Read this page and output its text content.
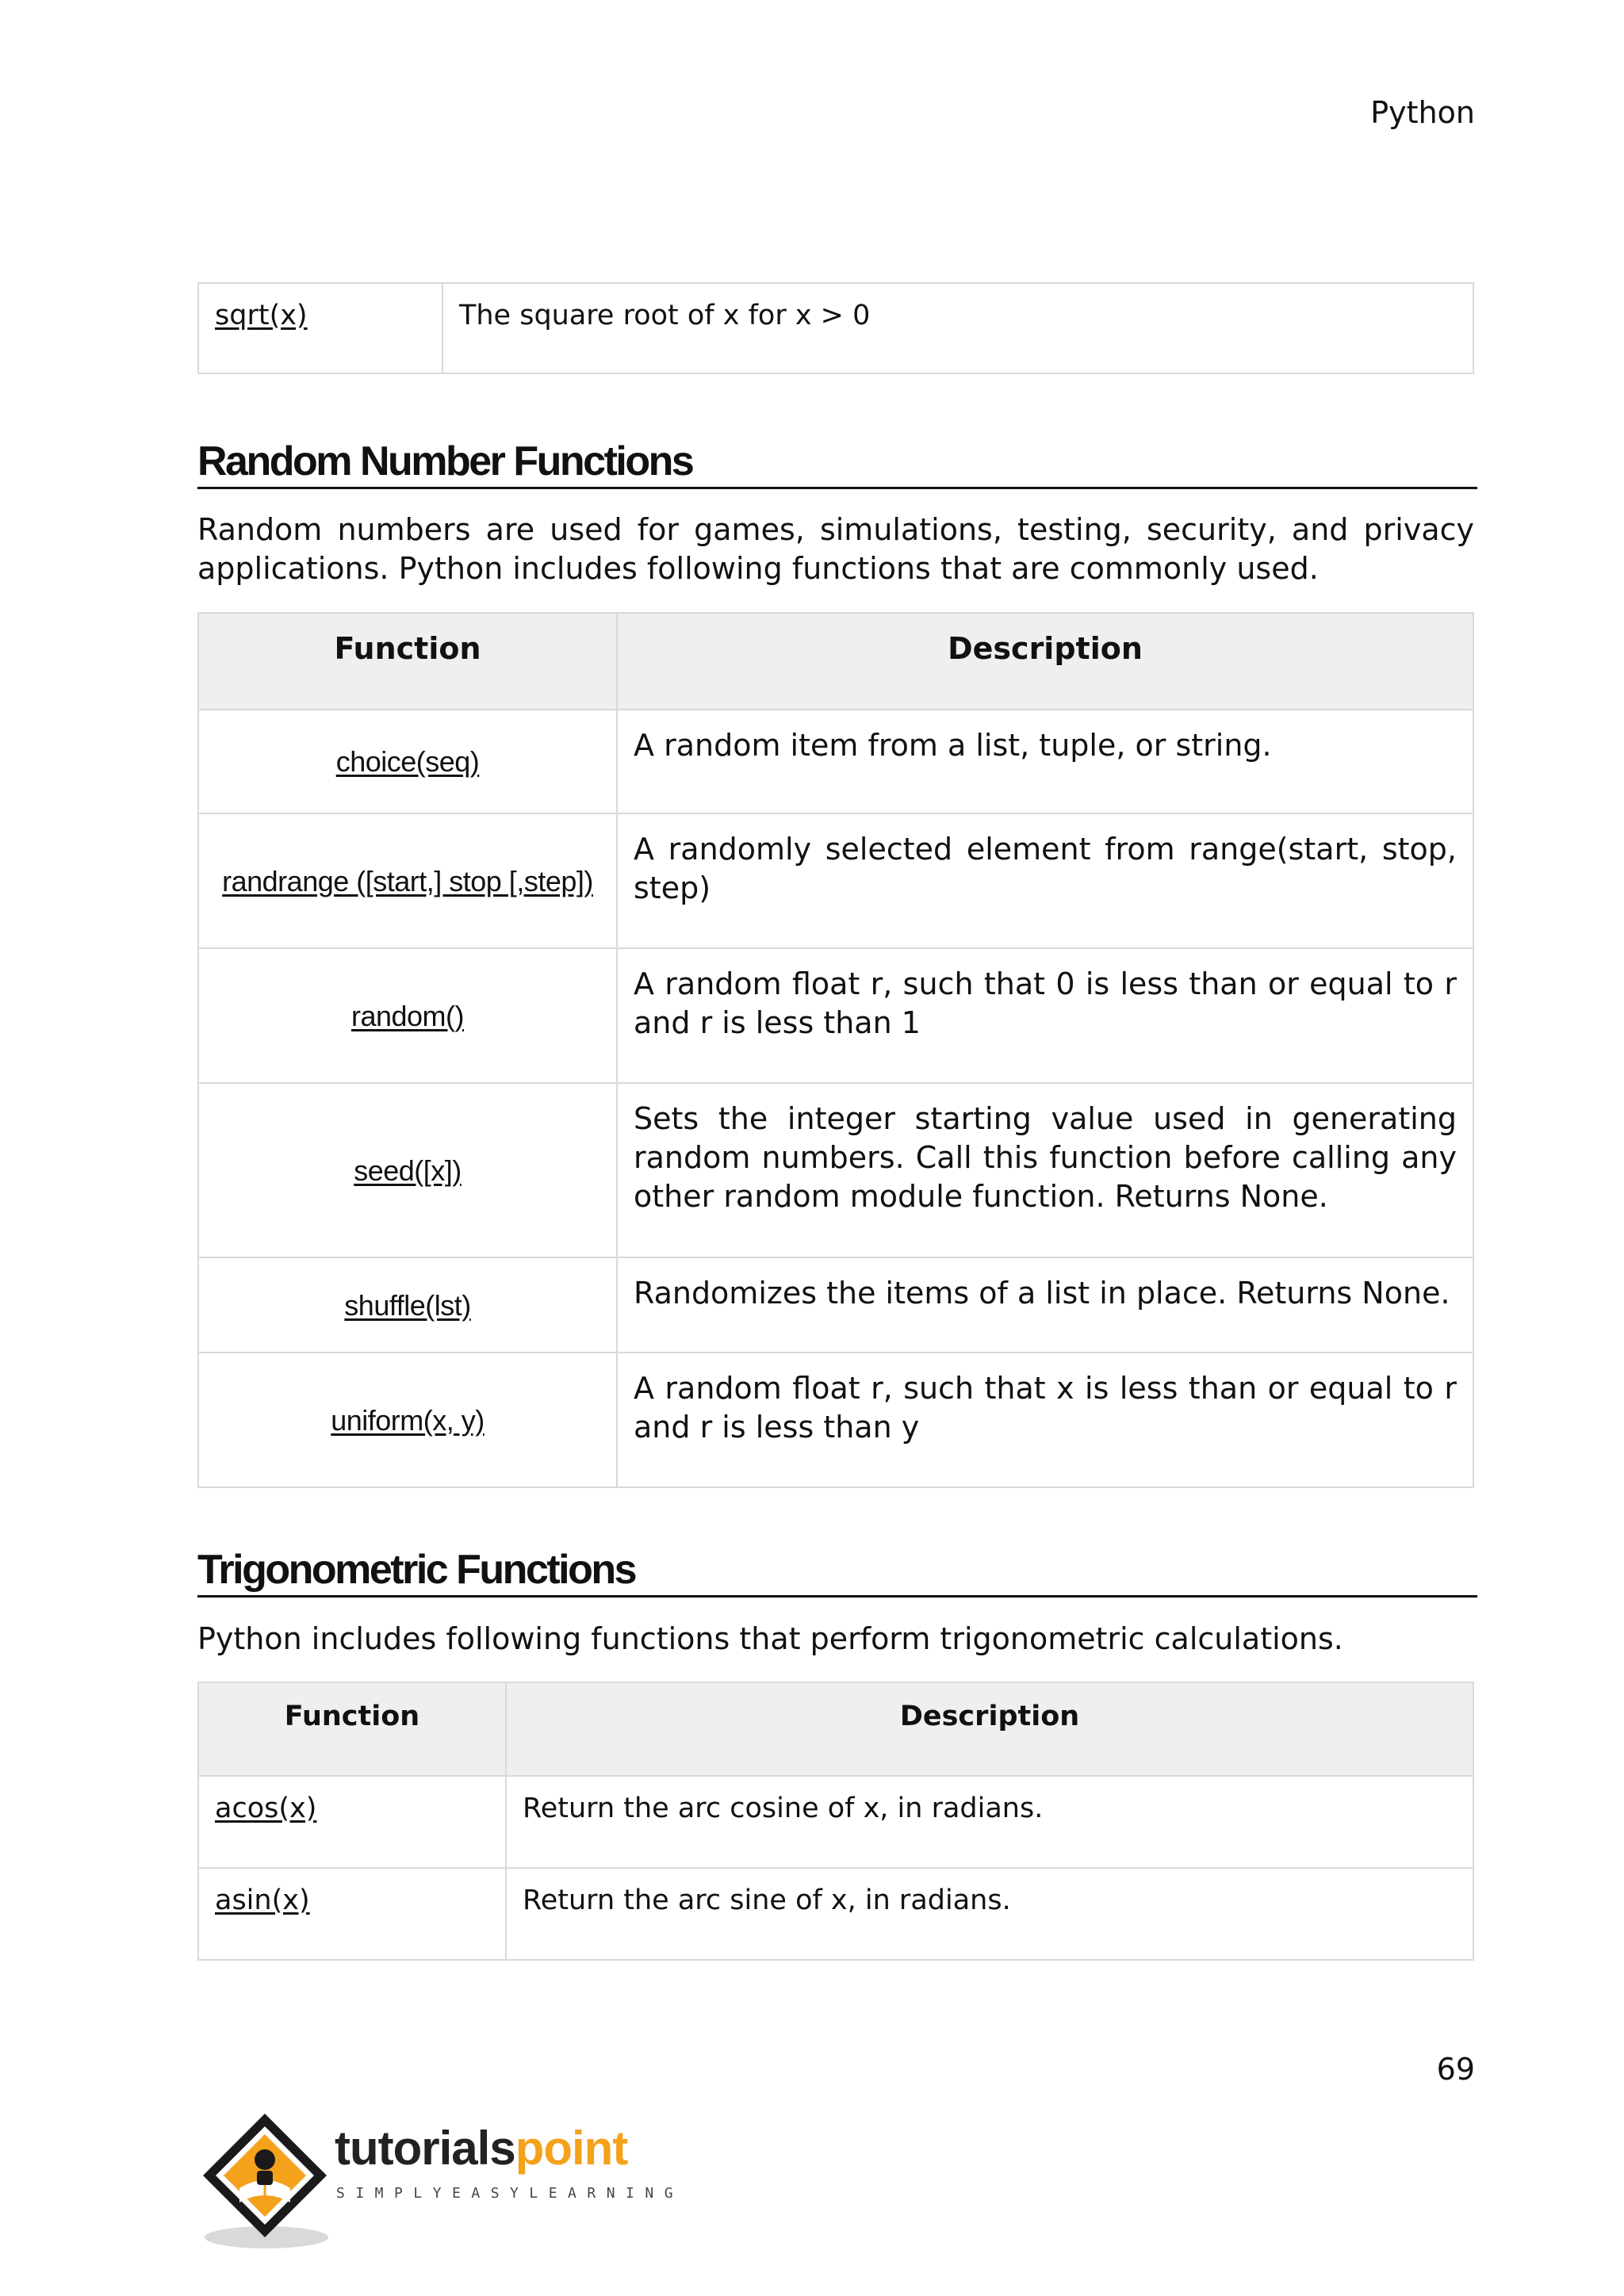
Python
sqrt(x)	The square root of x for x > 0
Random Number Functions
Random numbers are used for games, simulations, testing, security, and privacy applications. Python includes following functions that are commonly used.
Function	Description
choice(seq)	A random item from a list, tuple, or string.
randrange ([start,] stop [,step])	A randomly selected element from range(start, stop, step)
random()	A random float r, such that 0 is less than or equal to r and r is less than 1
seed([x])	Sets the integer starting value used in generating random numbers. Call this function before calling any other random module function. Returns None.
shuffle(lst)	Randomizes the items of a list in place. Returns None.
uniform(x, y)	A random float r, such that x is less than or equal to r and r is less than y
Trigonometric Functions
Python includes following functions that perform trigonometric calculations.
Function	Description
acos(x)	Return the arc cosine of x, in radians.
asin(x)	Return the arc sine of x, in radians.
69
tutorialspoint
SIMPLYEASYLEARNING
